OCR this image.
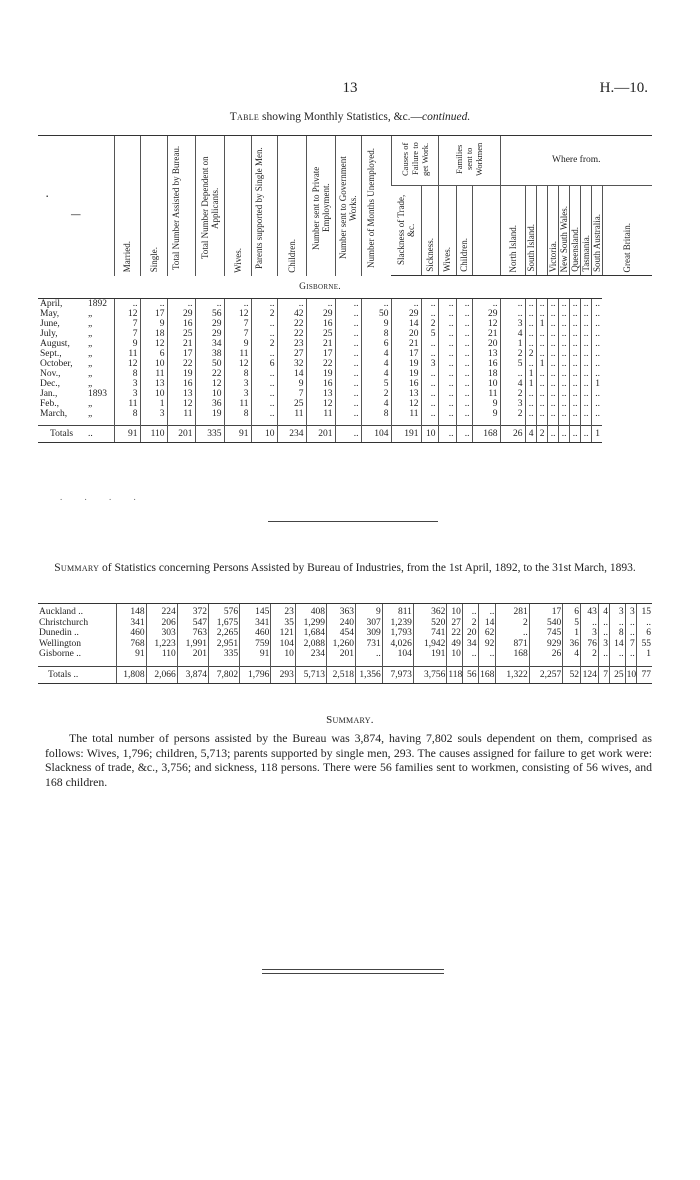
13	H.—10.
Table showing Monthly Statistics, &c.—continued.
.
—	Married.	Single.	Total Number Assisted by Bureau.	Total Number Dependent on Applicants.	Wives.	Parents supported by Single Men.	Children.	Number sent to Private Employment.	Number sent to Government Works.	Number of Months Unemployed.	Causes of Failure to get Work.		Families sent to Workmen			Where from.								

											Slackness of Trade, &c.	Sickness.	Wives.	Children.		North Island.	South Island.		Victoria.	New South Wales.	Queensland.	Tasmania.	South Australia.	Great Britain.

Gisborne.																								
April, 1892	..	..	..	..	..	..	..	..	..	..	..	..	..	..	..	..	..	..	..	..	..	..	..	
May, „	12	17	29	56	12	2	42	29	..	50	29	..	..	..	29	..	..	..	..	..	..	..	..	
June, „	7	9	16	29	7	..	22	16	..	9	14	2	..	..	12	3	..	1	..	..	..	..	..	
July, „	7	18	25	29	7	..	22	25	..	8	20	5	..	..	21	4	..	..	..	..	..	..	..	
August, „	9	12	21	34	9	2	23	21	..	6	21	..	..	..	20	1	..	..	..	..	..	..	..	
Sept., „	11	6	17	38	11	..	27	17	..	4	17	..	..	..	13	2	2	..	..	..	..	..	..	
October, „	12	10	22	50	12	6	32	22	..	4	19	3	..	..	16	5	..	1	..	..	..	..	..	
Nov., „	8	11	19	22	8	..	14	19	..	4	19	..	..	..	18	..	1	..	..	..	..	..	..	
Dec., „	3	13	16	12	3	..	9	16	..	5	16	..	..	..	10	4	1	..	..	..	..	..	1	
Jan., 1893	3	10	13	10	3	..	7	13	..	2	13	..	..	..	11	2	..	..	..	..	..	..	..	
Feb., „	11	1	12	36	11	..	25	12	..	4	12	..	..	..	9	3	..	..	..	..	..	..	..	
March, „	8	3	11	19	8	..	11	11	..	8	11	..	..	..	9	2	..	..	..	..	..	..	..	

Totals ..	91	110	201	335	91	10	234	201	..	104	191	10	..	..	168	26	4	2	..	..	..	..	1	
. . . .
Summary of Statistics concerning Persons Assisted by Bureau of Industries, from the 1st April, 1892, to the 31st March, 1893.
Auckland ..	148	224	372	576	145	23	408	363	9	811	362	10	..	..	281	17	6	43	4	3	3	15
Christchurch	341	206	547	1,675	341	35	1,299	240	307	1,239	520	27	2	14	2	540	5	..	..	..	..	..
Dunedin ..	460	303	763	2,265	460	121	1,684	454	309	1,793	741	22	20	62	..	745	1	3	..	8	..	6
Wellington	768	1,223	1,991	2,951	759	104	2,088	1,260	731	4,026	1,942	49	34	92	871	929	36	76	3	14	7	55
Gisborne ..	91	110	201	335	91	10	234	201	..	104	191	10	..	..	168	26	4	2	..	..	..	1

Totals ..	1,808	2,066	3,874	7,802	1,796	293	5,713	2,518	1,356	7,973	3,756	118	56	168	1,322	2,257	52	124	7	25	10	77
Summary.
The total number of persons assisted by the Bureau was 3,874, having 7,802 souls dependent on them, comprised as follows: Wives, 1,796; children, 5,713; parents supported by single men, 293. The causes assigned for failure to get work were: Slackness of trade, &c., 3,756; and sickness, 118 persons. There were 56 families sent to workmen, consisting of 56 wives, and 168 children.
